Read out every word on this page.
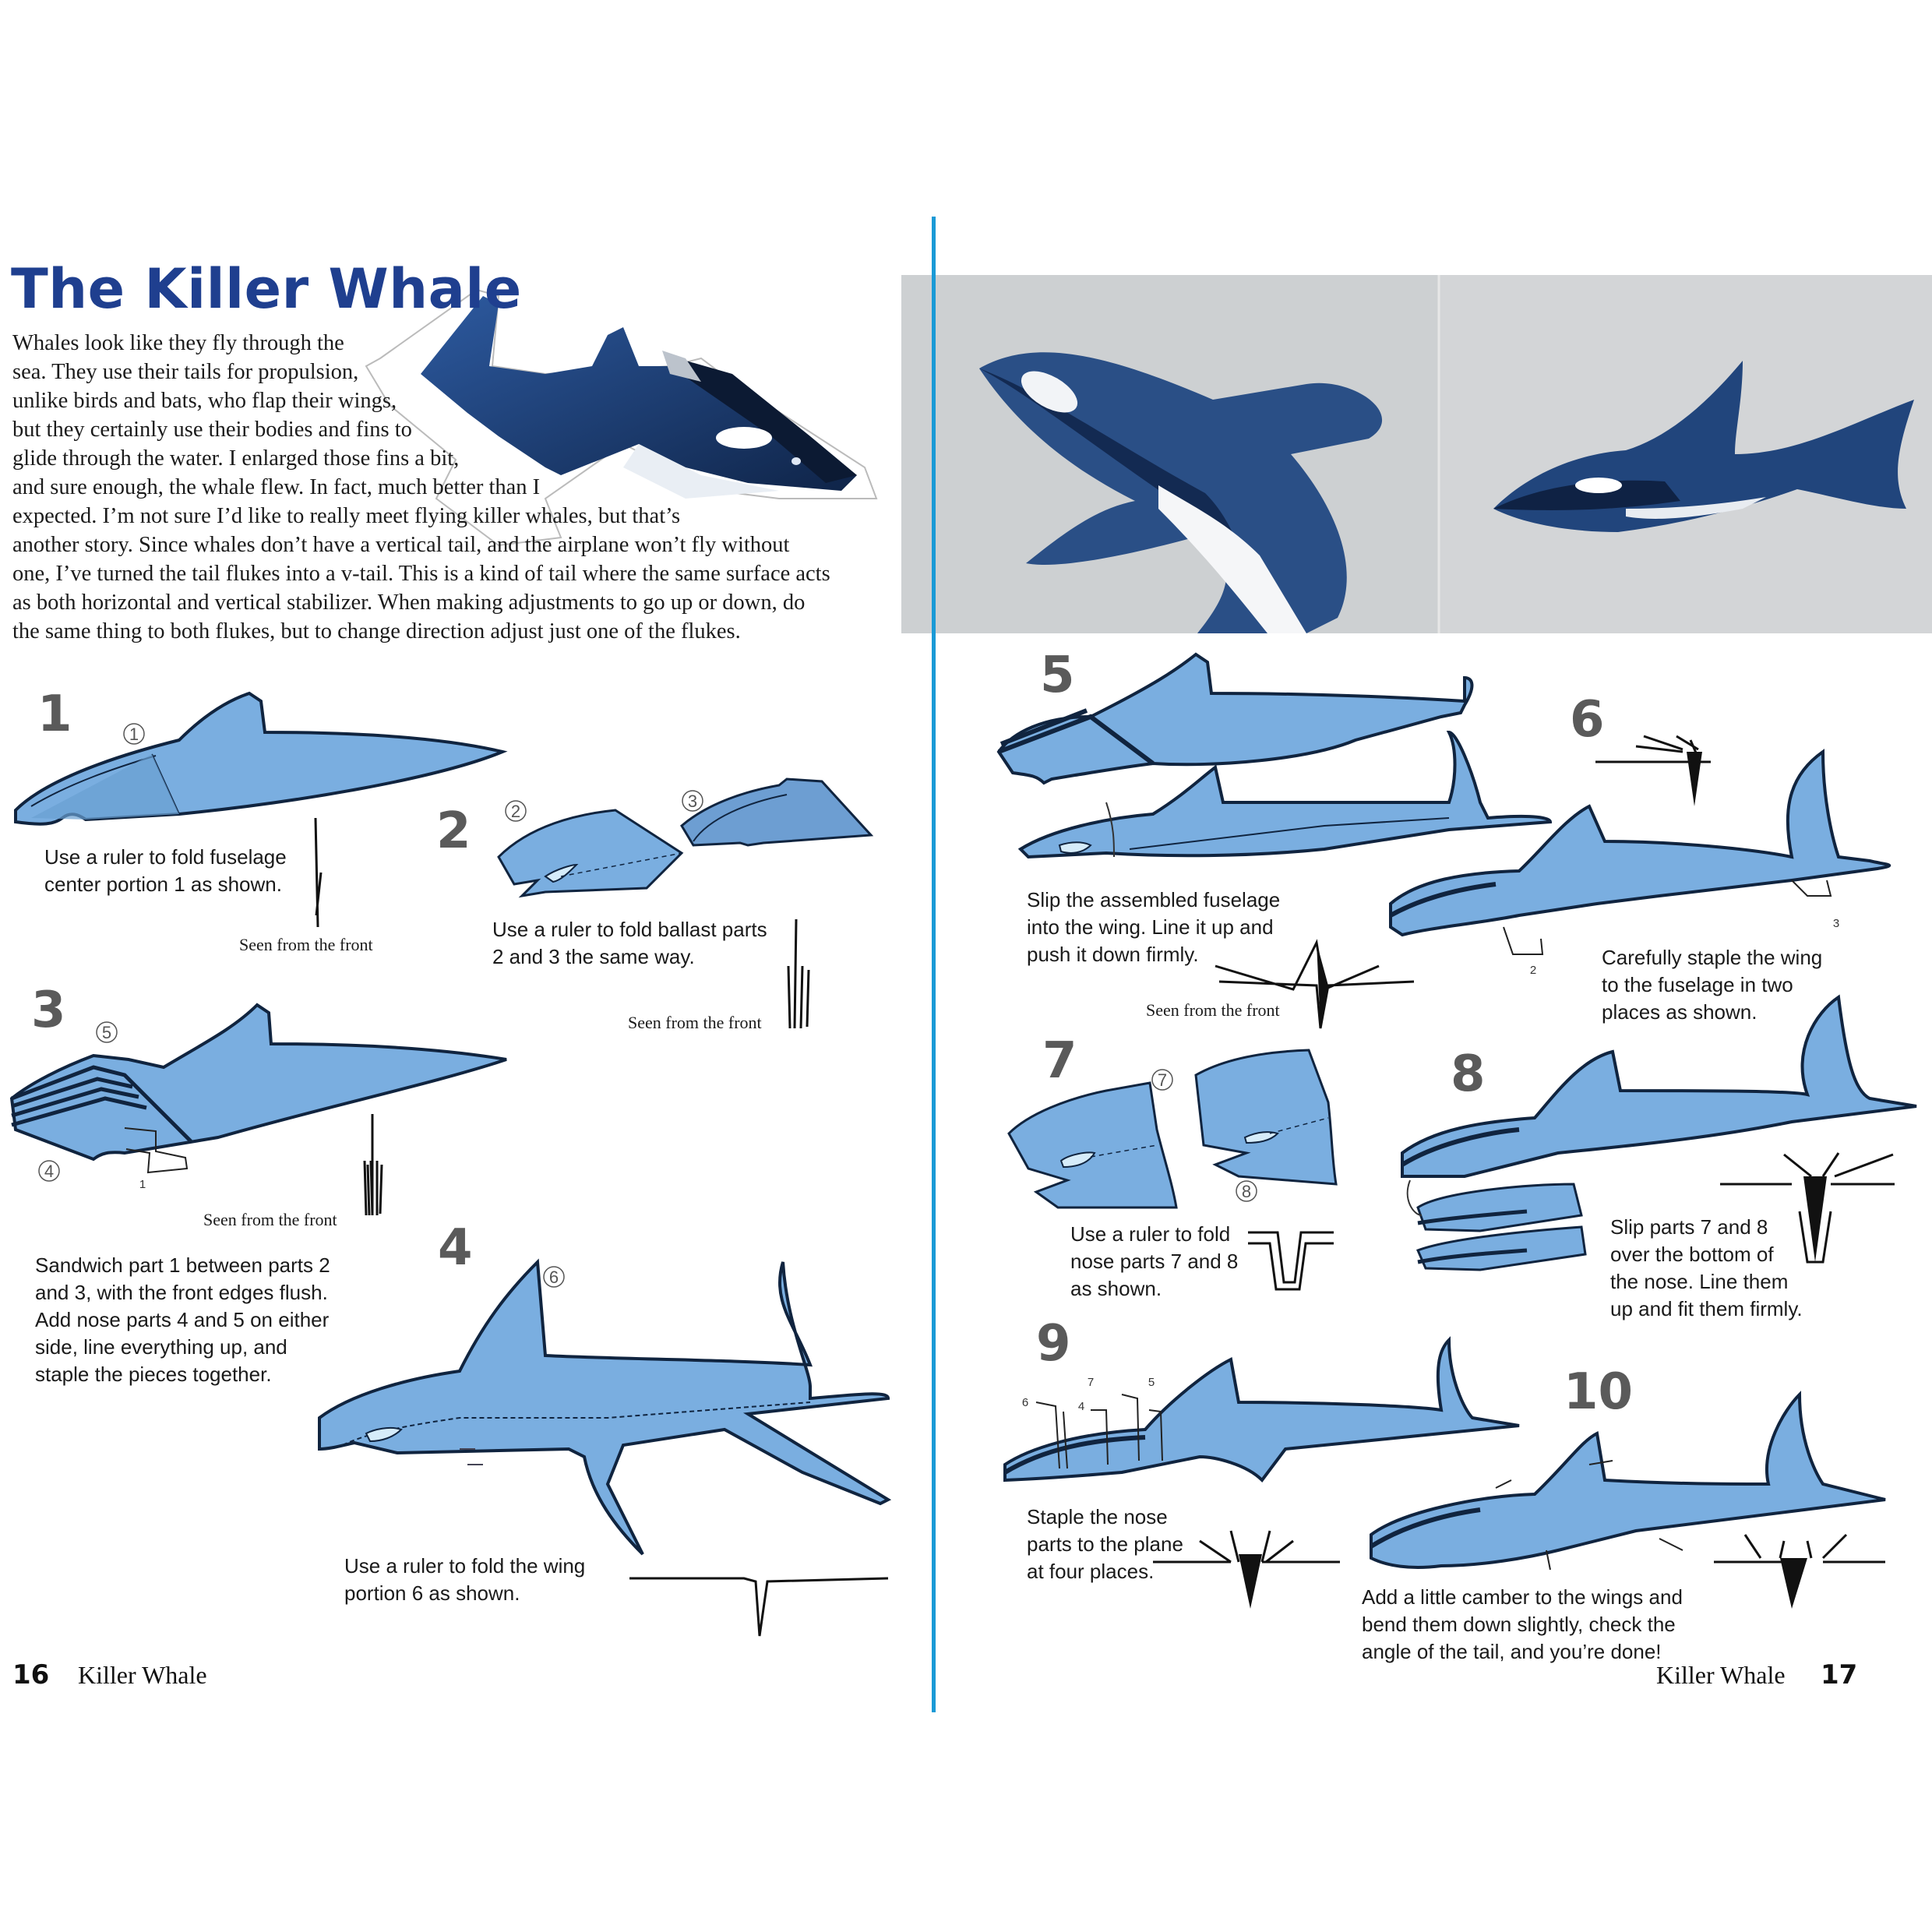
1
2
3
5
4
1
6
2
3
7
8
6	4
7	5
The Killer Whale
Whales look like they fly through the
sea. They use their tails for propulsion,
unlike birds and bats, who flap their wings,
but they certainly use their bodies and fins to
glide through the water. I enlarged those fins a bit,
and sure enough, the whale flew. In fact, much better than I
expected. I’m not sure I’d like to really meet flying killer whales, but that’s
another story. Since whales don’t have a vertical tail, and the airplane won’t fly without
one, I’ve turned the tail flukes into a v-tail. This is a kind of tail where the same surface acts
as both horizontal and vertical stabilizer. When making adjustments to go up or down, do
the same thing to both flukes, but to change direction adjust just one of the flukes.
1
Use a ruler to fold fuselage
center portion 1 as shown.
Seen from the front
2
Use a ruler to fold ballast parts
2 and 3 the same way.
Seen from the front
3
Seen from the front
Sandwich part 1 between parts 2
and 3, with the front edges flush.
Add nose parts 4 and 5 on either
side, line everything up, and
staple the pieces together.
4
Use a ruler to fold the wing
portion 6 as shown.
16 Killer Whale
5
Slip the assembled fuselage
into the wing. Line it up and
push it down firmly.
Seen from the front
6
Carefully staple the wing
to the fuselage in two
places as shown.
7
Use a ruler to fold
nose parts 7 and 8
as shown.
8
Slip parts 7 and 8
over the bottom of
the nose. Line them
up and fit them firmly.
9
Staple the nose
parts to the plane
at four places.
10
Add a little camber to the wings and
bend them down slightly, check the
angle of the tail, and you’re done!
Killer Whale 17
